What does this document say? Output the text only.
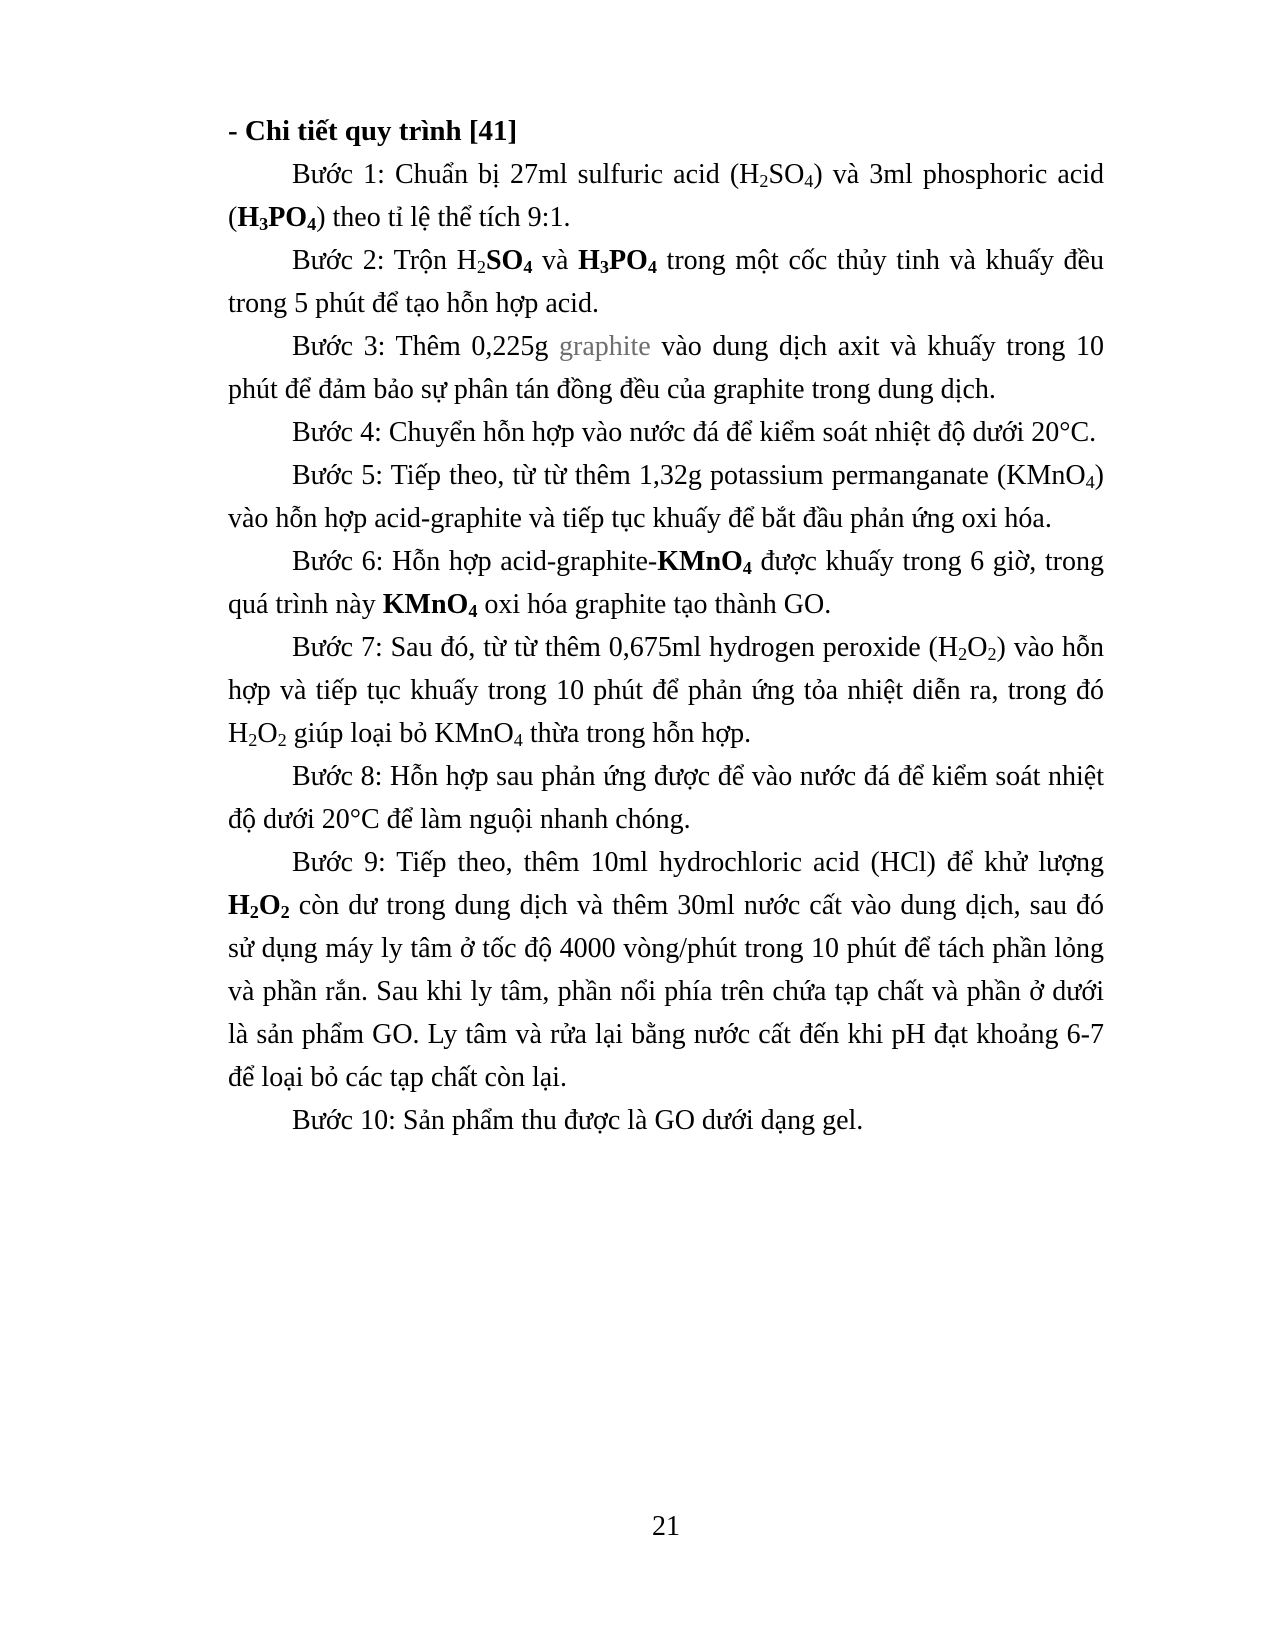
- Chi tiết quy trình [41]

Bước 1: Chuẩn bị 27ml sulfuric acid $(H_2SO_4)$ và 3ml phosphoric acid $(H_3PO_4)$ theo tỉ lệ thể tích 9:1.

Bước 2: Trộn $H_2SO_4$ và $H_3PO_4$ trong một cốc thủy tinh và khuấy đều trong 5 phút để tạo hỗn hợp acid.

Bước 3: Thêm 0,225g graphite vào dung dịch axit và khuấy trong 10 phút để đảm bảo sự phân tán đồng đều của graphite trong dung dịch.

Bước 4: Chuyển hỗn hợp vào nước đá để kiểm soát nhiệt độ dưới 20°C.

Bước 5: Tiếp theo, từ từ thêm 1,32g potassium permanganate (KMnO$_4$) vào hỗn hợp acid-graphite và tiếp tục khuấy để bắt đầu phản ứng oxi hóa.

Bước 6: Hỗn hợp acid-graphite-KMnO$_4$ được khuấy trong 6 giờ, trong quá trình này KMnO$_4$ oxi hóa graphite tạo thành GO.

Bước 7: Sau đó, từ từ thêm 0,675ml hydrogen peroxide $(H_2O_2)$ vào hỗn hợp và tiếp tục khuấy trong 10 phút để phản ứng tỏa nhiệt diễn ra, trong đó $H_2O_2$ giúp loại bỏ KMnO$_4$ thừa trong hỗn hợp.

Bước 8: Hỗn hợp sau phản ứng được để vào nước đá để kiểm soát nhiệt độ dưới 20°C để làm nguội nhanh chóng.

Bước 9: Tiếp theo, thêm 10ml hydrochloric acid (HCl) để khử lượng $H_2O_2$ còn dư trong dung dịch và thêm 30ml nước cất vào dung dịch, sau đó sử dụng máy ly tâm ở tốc độ 4000 vòng/phút trong 10 phút để tách phần lỏng và phần rắn. Sau khi ly tâm, phần nổi phía trên chứa tạp chất và phần ở dưới là sản phẩm GO. Ly tâm và rửa lại bằng nước cất đến khi pH đạt khoảng 6-7 để loại bỏ các tạp chất còn lại.

Bước 10: Sản phẩm thu được là GO dưới dạng gel.

21
